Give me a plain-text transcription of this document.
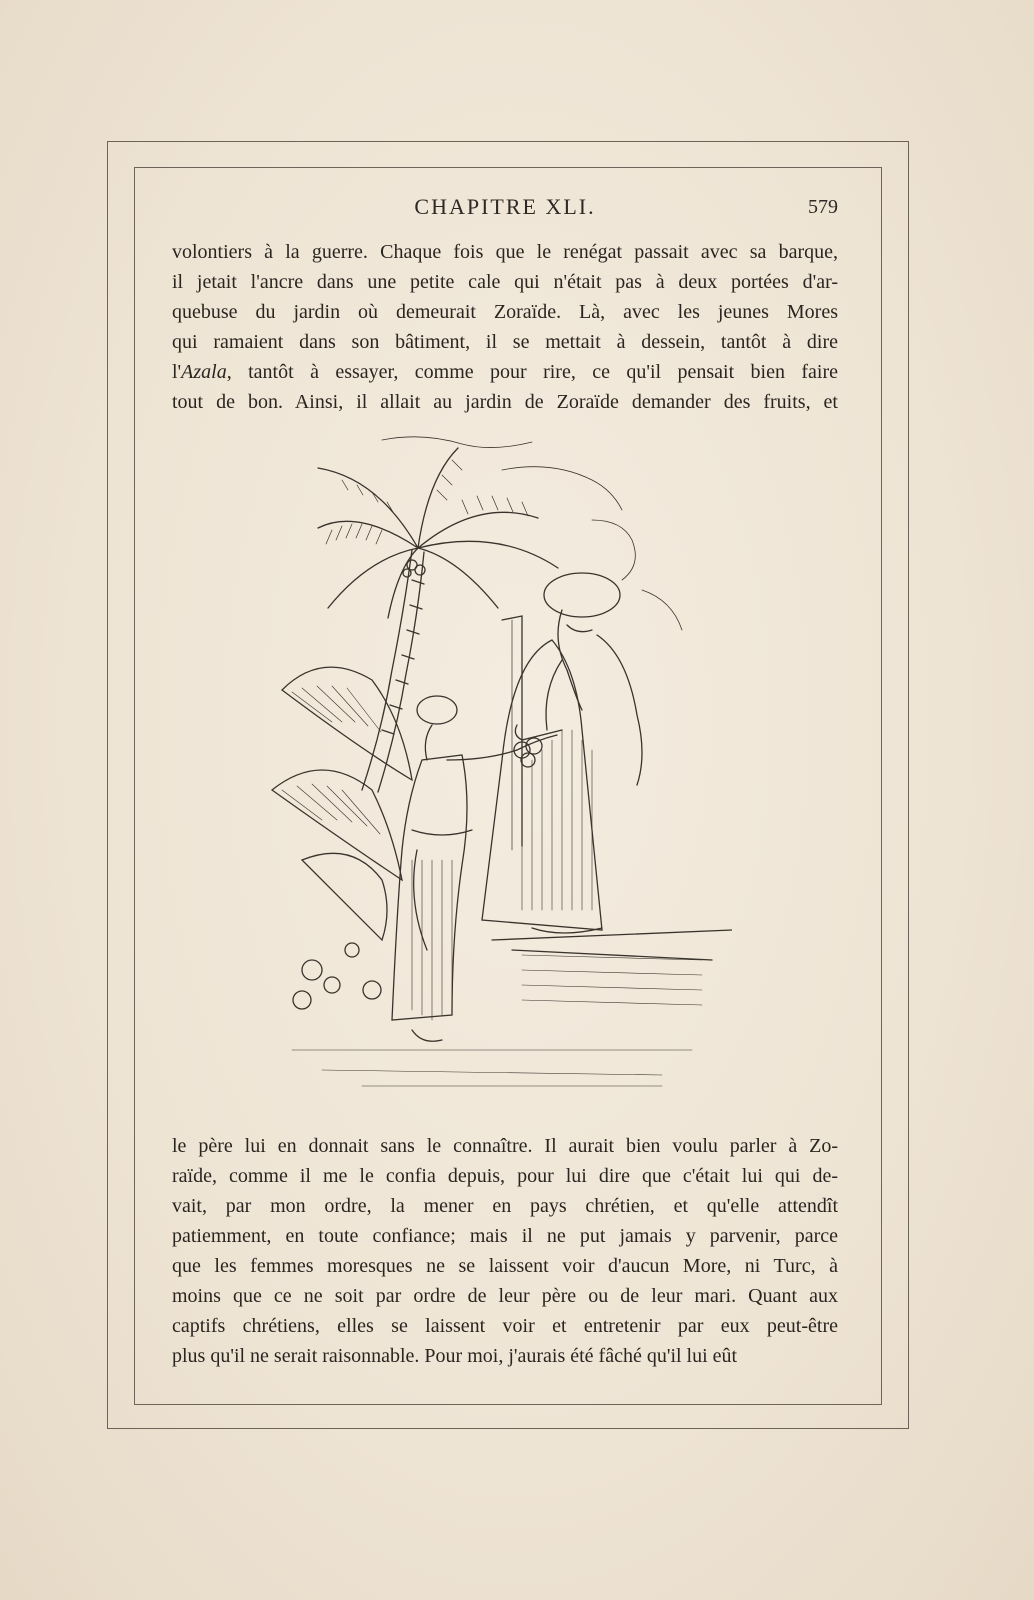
CHAPITRE XLI.	579
volontiers à la guerre. Chaque fois que le renégat passait avec sa barque,
il jetait l'ancre dans une petite cale qui n'était pas à deux portées d'ar-
quebuse du jardin où demeurait Zoraïde. Là, avec les jeunes Mores
qui ramaient dans son bâtiment, il se mettait à dessein, tantôt à dire
l'Azala, tantôt à essayer, comme pour rire, ce qu'il pensait bien faire
tout de bon. Ainsi, il allait au jardin de Zoraïde demander des fruits, et
le père lui en donnait sans le connaître. Il aurait bien voulu parler à Zo-
raïde, comme il me le confia depuis, pour lui dire que c'était lui qui de-
vait, par mon ordre, la mener en pays chrétien, et qu'elle attendît
patiemment, en toute confiance; mais il ne put jamais y parvenir, parce
que les femmes moresques ne se laissent voir d'aucun More, ni Turc, à
moins que ce ne soit par ordre de leur père ou de leur mari. Quant aux
captifs chrétiens, elles se laissent voir et entretenir par eux peut-être
plus qu'il ne serait raisonnable. Pour moi, j'aurais été fâché qu'il lui eût
